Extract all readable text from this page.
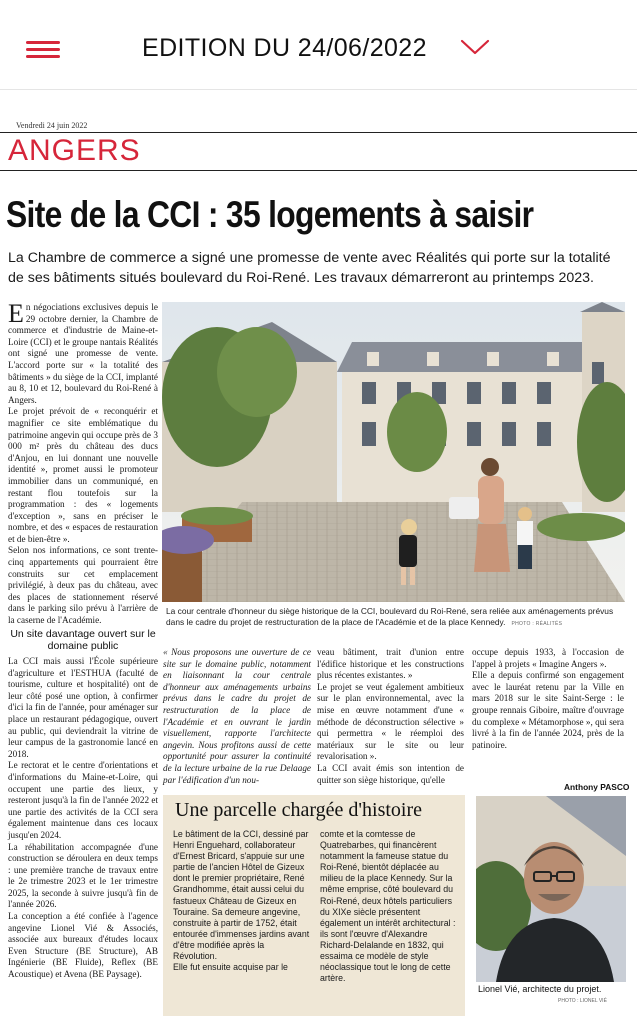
EDITION DU 24/06/2022
Vendredi 24 juin 2022
ANGERS
Site de la CCI : 35 logements à saisir
La Chambre de commerce a signé une promesse de vente avec Réalités qui porte sur la totalité de ses bâtiments situés boulevard du Roi-René. Les travaux démarreront au printemps 2023.

En négociations exclusives depuis le 29 octobre dernier, la Chambre de commerce et d'industrie de Maine-et-Loire (CCI) et le groupe nantais Réalités ont signé une promesse de vente. L'accord porte sur « la totalité des bâtiments » du siège de la CCI, implanté au 8, 10 et 12, boulevard du Roi-René à Angers.

Le projet prévoit de « reconquérir et magnifier ce site emblématique du patrimoine angevin qui occupe près de 3 000 m² près du château des ducs d'Anjou, en lui donnant une nouvelle identité », promet aussi le promoteur immobilier dans un communiqué, en restant flou toutefois sur la programmation : des « logements d'exception », sans en préciser le nombre, et des « espaces de restauration et de bien-être ».

Selon nos informations, ce sont trente-cinq appartements qui pourraient être construits sur cet emplacement privilégié, à deux pas du château, avec des places de stationnement réservé dans le parking silo prévu à l'arrière de la caserne de l'Académie.

Un site davantage ouvert sur le domaine public

La CCI mais aussi l'École supérieure d'agriculture et l'ESTHUA (faculté de tourisme, culture et hospitalité) ont de leur côté posé une option, à confirmer d'ici la fin de l'année, pour aménager sur place un restaurant pédagogique, ouvert au public, qui deviendrait la vitrine de leur campus de la gastronomie lancé en 2018.

Le rectorat et le centre d'orientations et d'informations du Maine-et-Loire, qui occupent une partie des lieux, y resteront jusqu'à la fin de l'année 2022 et une partie des activités de la CCI sera également maintenue dans ces locaux jusqu'en 2024.

La réhabilitation accompagnée d'une construction se déroulera en deux temps : une première tranche de travaux entre le 2e trimestre 2023 et le 1er trimestre 2025, la seconde à suivre jusqu'à fin de l'année 2026.

La conception a été confiée à l'agence angevine Lionel Vié & Associés, associée aux bureaux d'études locaux Even Structure (BE Structure), AB Ingénierie (BE Fluide), Reflex (BE Acoustique) et Avena (BE Paysage).

La cour centrale d'honneur du siège historique de la CCI, boulevard du Roi-René, sera reliée aux aménagements prévus dans le cadre du projet de restructuration de la place de l'Académie et de la place Kennedy. PHOTO : RÉALITÉS

« Nous proposons une ouverture de ce site sur le domaine public, notamment en liaisonnant la cour centrale d'honneur aux aménagements urbains prévus dans le cadre du projet de restructuration de la place de l'Académie et en ouvrant le jardin visuellement, rapporte l'architecte angevin. Nous profitons aussi de cette opportunité pour assurer la continuité de la lecture urbaine de la rue Delaage par l'édification d'un nou-

veau bâtiment, trait d'union entre l'édifice historique et les constructions plus récentes existantes. »

Le projet se veut également ambitieux sur le plan environnemental, avec la mise en œuvre notamment d'une « méthode de déconstruction sélective » qui permettra « le réemploi des matériaux sur le site ou leur revalorisation ».

La CCI avait émis son intention de quitter son siège historique, qu'elle

occupe depuis 1933, à l'occasion de l'appel à projets « Imagine Angers ».

Elle a depuis confirmé son engagement avec le lauréat retenu par la Ville en mars 2018 sur le site Saint-Serge : le groupe rennais Giboire, maître d'ouvrage du complexe « Métamorphose », qui sera livré à la fin de l'année 2024, près de la patinoire.

Anthony PASCO
Une parcelle chargée d'histoire

Le bâtiment de la CCI, dessiné par Henri Enguehard, collaborateur d'Ernest Bricard, s'appuie sur une partie de l'ancien Hôtel de Gizeux dont le premier propriétaire, René Grandhomme, était aussi celui du fastueux Château de Gizeux en Touraine. Sa demeure angevine, construite à partir de 1752, était entourée d'immenses jardins avant d'être modifiée après la Révolution.

Elle fut ensuite acquise par le

comte et la comtesse de Quatrebarbes, qui financèrent notamment la fameuse statue du Roi-René, bientôt déplacée au milieu de la place Kennedy. Sur la même emprise, côté boulevard du Roi-René, deux hôtels particuliers du XIXe siècle présentent également un intérêt architectural : ils sont l'œuvre d'Alexandre Richard-Delalande en 1832, qui essaima ce modèle de style néoclassique tout le long de cette artère.

Lionel Vié, architecte du projet.
PHOTO : LIONEL VIÉ
